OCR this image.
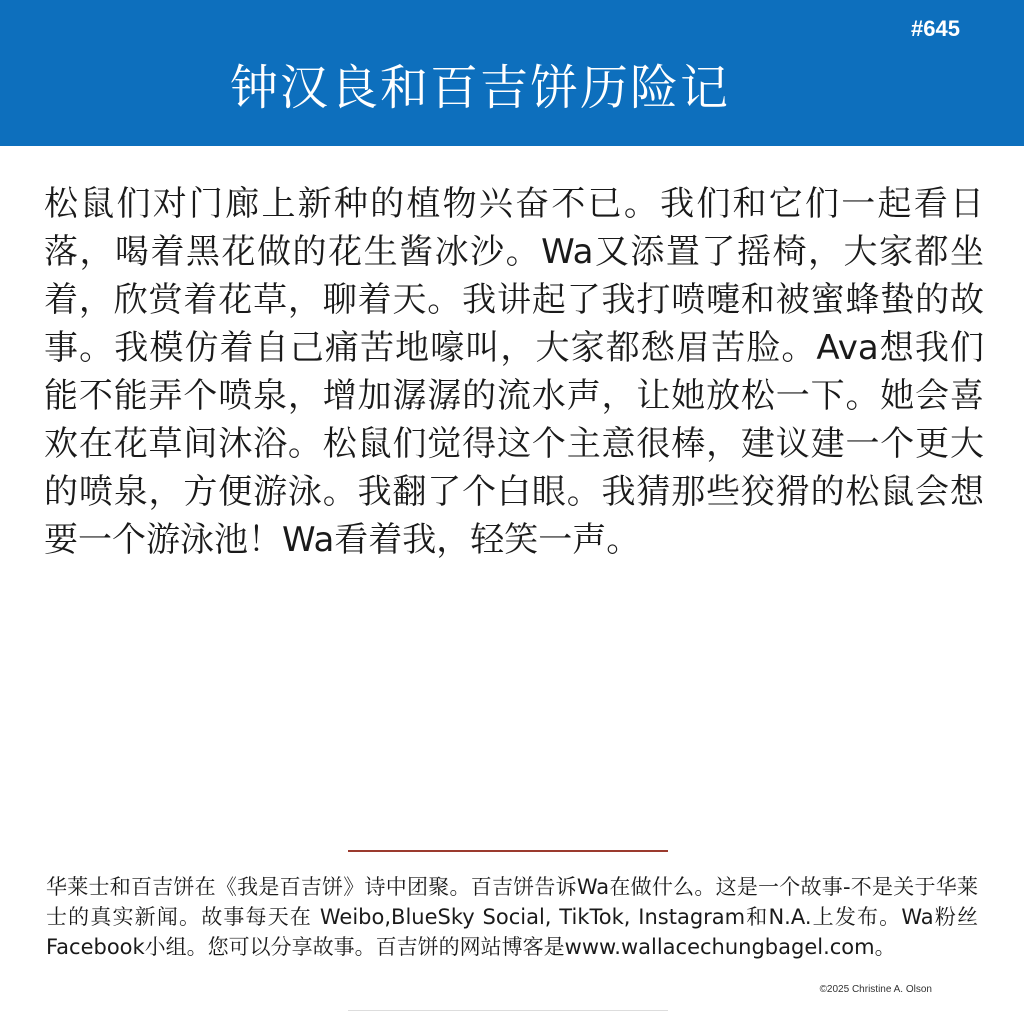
#645
钟汉良和百吉饼历险记

松鼠们对门廊上新种的植物兴奋不已。我们和它们一起看日落，喝着黑花做的花生酱冰沙。Wa又添置了摇椅，大家都坐着，欣赏着花草，聊着天。我讲起了我打喷嚏和被蜜蜂蛰的故事。我模仿着自己痛苦地嚎叫，大家都愁眉苦脸。Ava想我们能不能弄个喷泉，增加潺潺的流水声，让她放松一下。她会喜欢在花草间沐浴。松鼠们觉得这个主意很棒，建议建一个更大的喷泉，方便游泳。我翻了个白眼。我猜那些狡猾的松鼠会想要一个游泳池！Wa看着我，轻笑一声。

华莱士和百吉饼在《我是百吉饼》诗中团聚。百吉饼告诉Wa在做什么。这是一个故事-不是关于华莱士的真实新闻。故事每天在 Weibo,BlueSky Social, TikTok, Instagram和N.A.上发布。Wa粉丝Facebook小组。您可以分享故事。百吉饼的网站博客是www.wallacechungbagel.com。

©2025 Christine A. Olson
